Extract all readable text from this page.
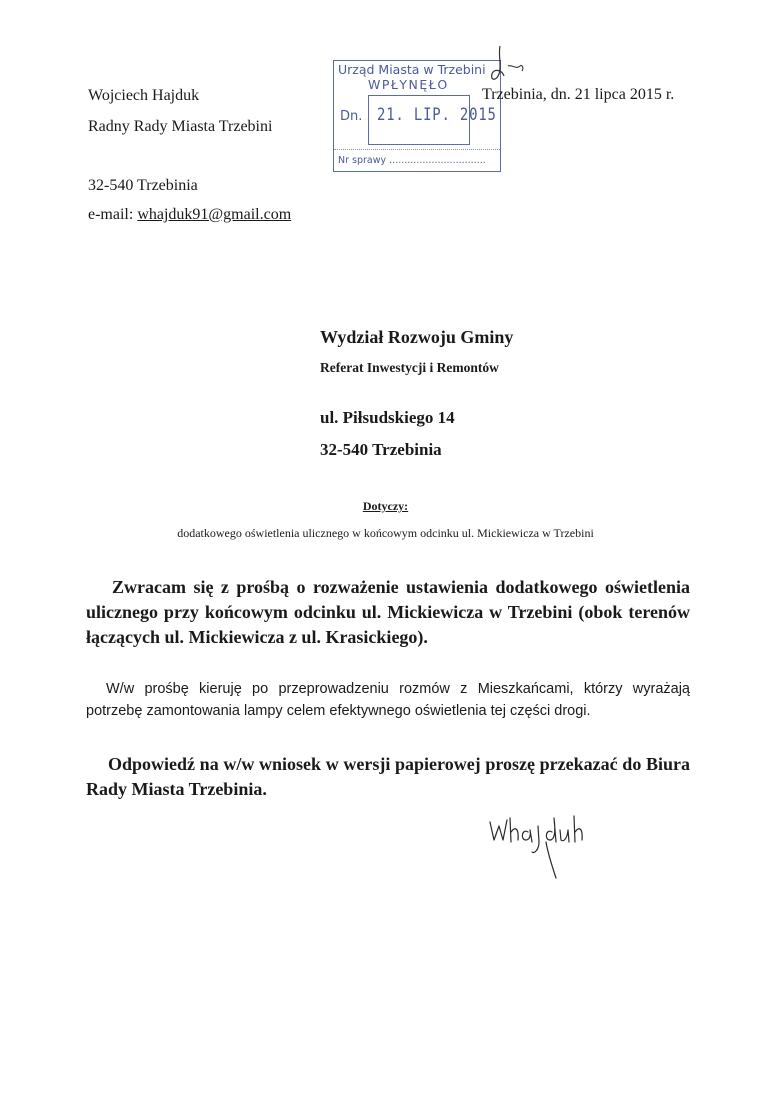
Wojciech Hajduk
Radny Rady Miasta Trzebini
32-540 Trzebinia
e-mail: whajduk91@gmail.com
Urząd Miasta w Trzebini
WPŁYNĘŁO
Dn. 21. LIP. 2015
Nr sprawy ................................
Trzebinia, dn. 21 lipca 2015 r.
Wydział Rozwoju Gminy
Referat Inwestycji i Remontów
ul. Piłsudskiego 14
32-540 Trzebinia
Dotyczy:
dodatkowego oświetlenia ulicznego w końcowym odcinku ul. Mickiewicza w Trzebini
Zwracam się z prośbą o rozważenie ustawienia dodatkowego oświetlenia ulicznego przy końcowym odcinku ul. Mickiewicza w Trzebini (obok terenów łączących ul. Mickiewicza z ul. Krasickiego).
W/w prośbę kieruję po przeprowadzeniu rozmów z Mieszkańcami, którzy wyrażają potrzebę zamontowania lampy celem efektywnego oświetlenia tej części drogi.
Odpowiedź na w/w wniosek w wersji papierowej proszę przekazać do Biura Rady Miasta Trzebinia.
